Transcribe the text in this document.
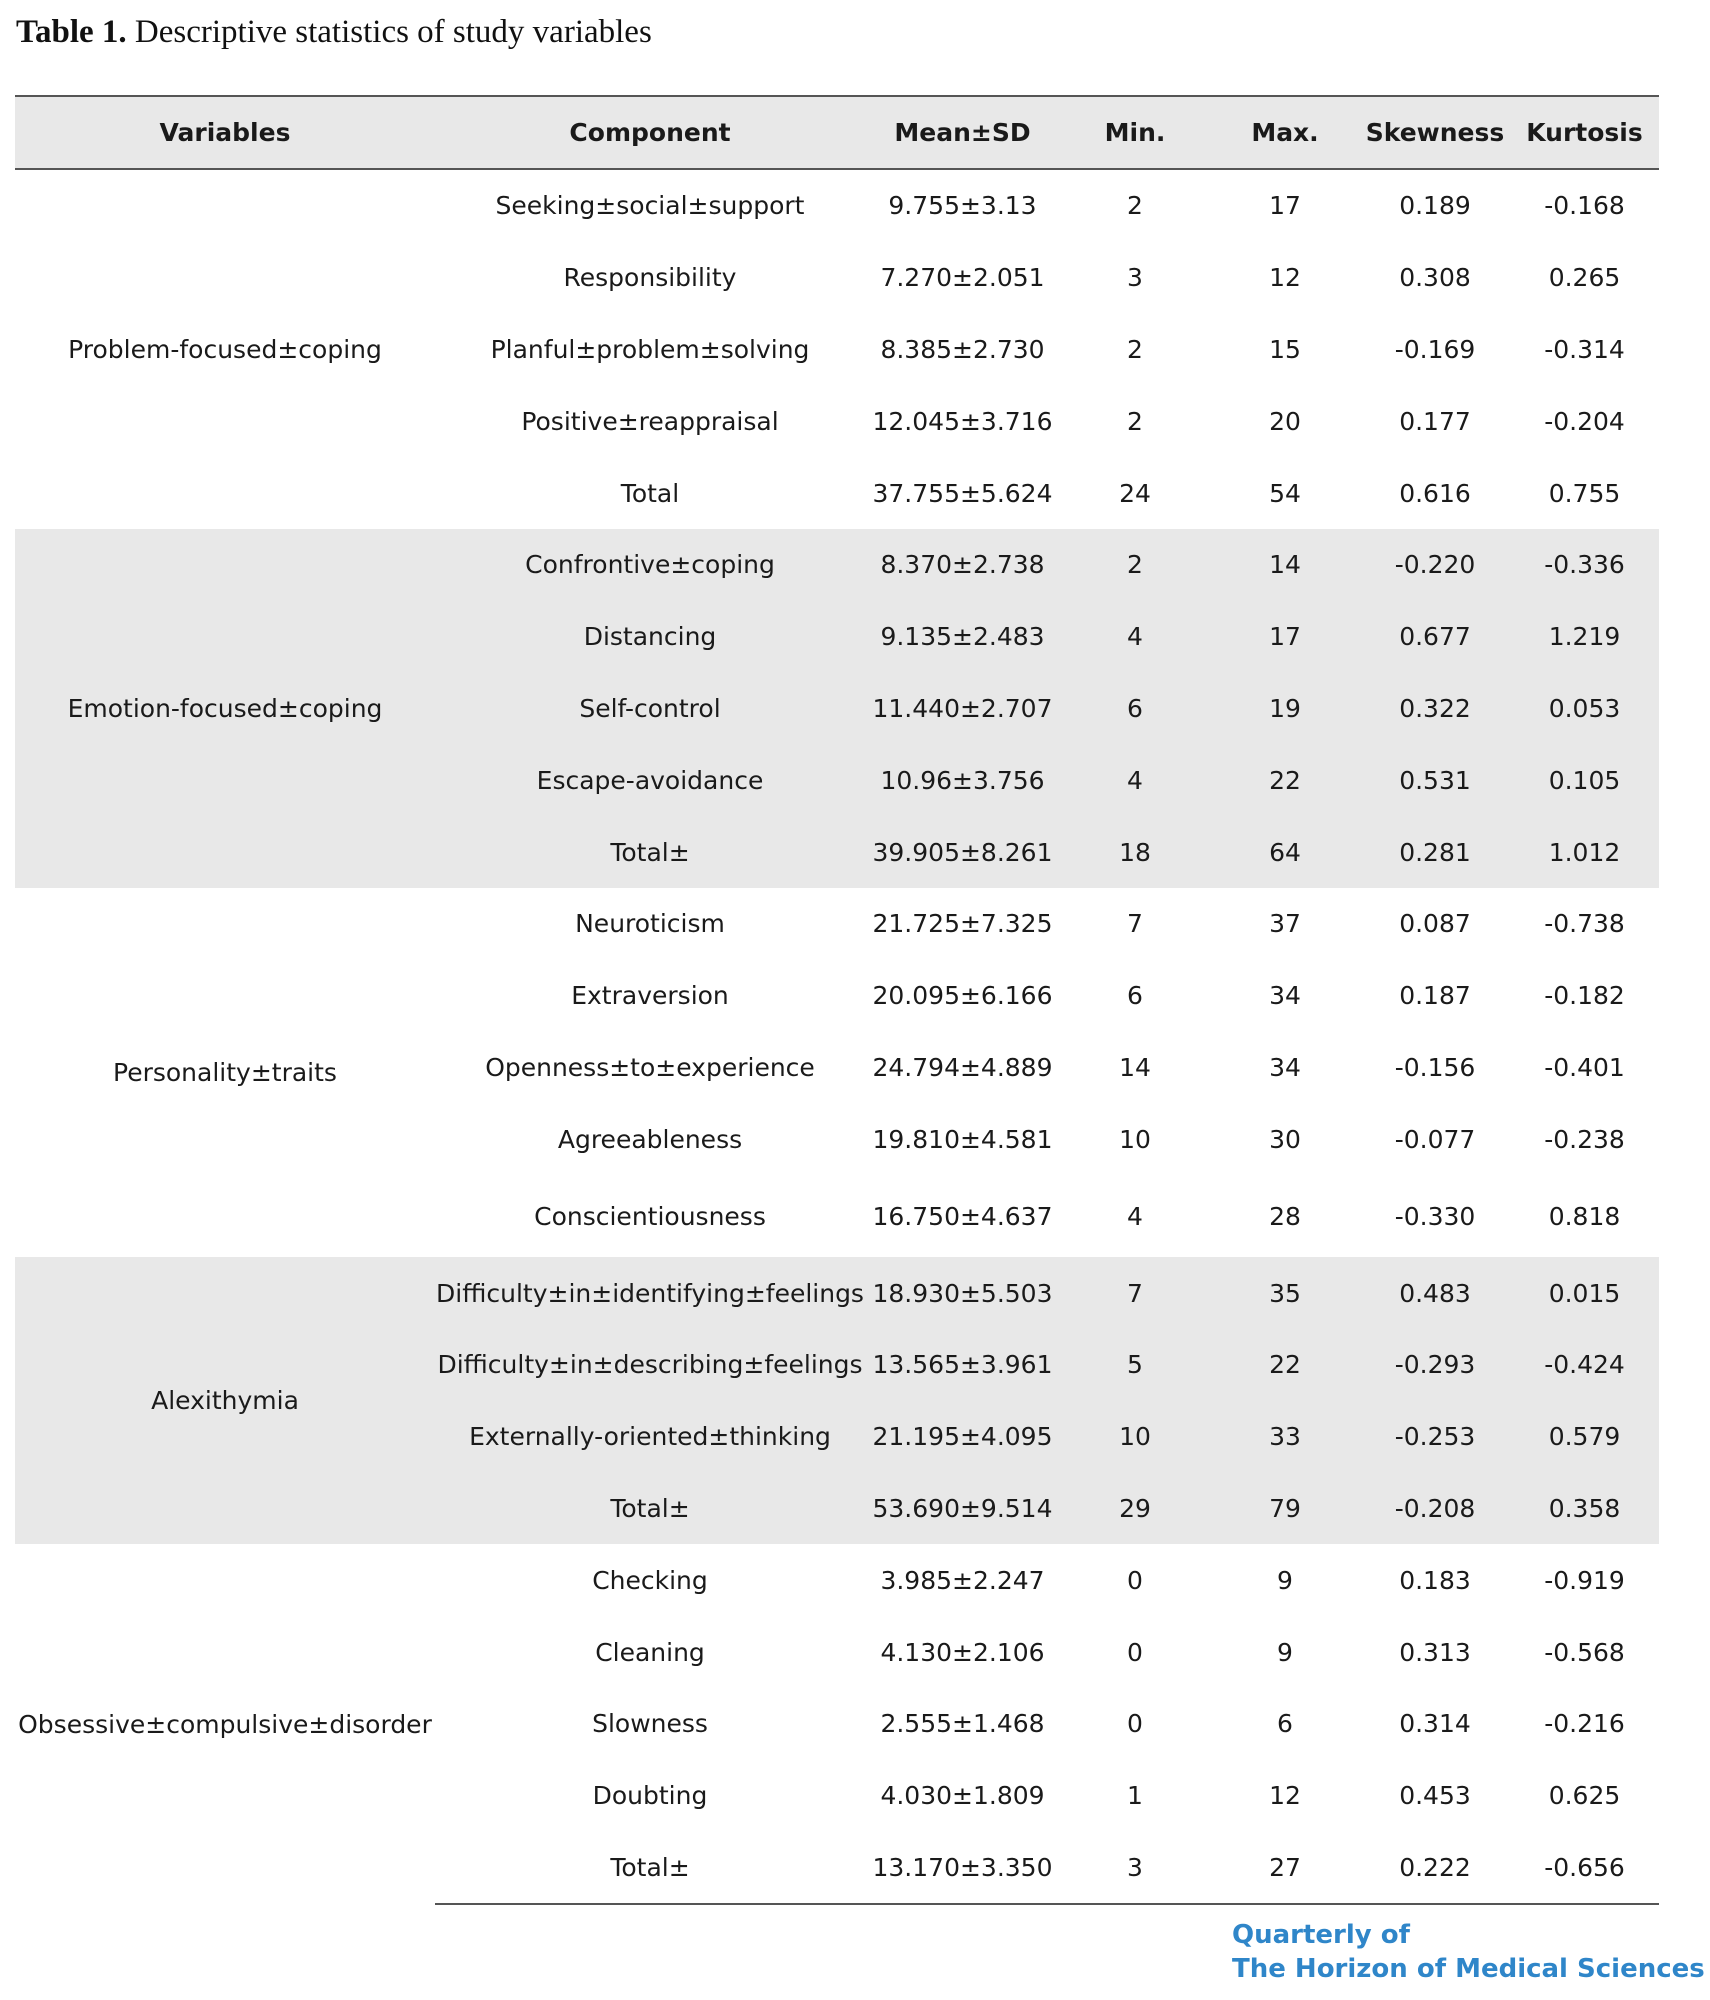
Table 1. Descriptive statistics of study variables
Variables	Component	Mean±SD	Min.	Max.	Skewness	Kurtosis
Problem-focused±coping	Seeking±social±support	9.755±3.13	2	17	0.189	-0.168
	Responsibility	7.270±2.051	3	12	0.308	0.265
	Planful±problem±solving	8.385±2.730	2	15	-0.169	-0.314
	Positive±reappraisal	12.045±3.716	2	20	0.177	-0.204
	Total	37.755±5.624	24	54	0.616	0.755
Emotion-focused±coping	Confrontive±coping	8.370±2.738	2	14	-0.220	-0.336
	Distancing	9.135±2.483	4	17	0.677	1.219
	Self-control	11.440±2.707	6	19	0.322	0.053
	Escape-avoidance	10.96±3.756	4	22	0.531	0.105
	Total±	39.905±8.261	18	64	0.281	1.012
Personality±traits	Neuroticism	21.725±7.325	7	37	0.087	-0.738
	Extraversion	20.095±6.166	6	34	0.187	-0.182
	Openness±to±experience	24.794±4.889	14	34	-0.156	-0.401
	Agreeableness	19.810±4.581	10	30	-0.077	-0.238
	Conscientiousness	16.750±4.637	4	28	-0.330	0.818
Alexithymia	Difficulty±in±identifying±feelings	18.930±5.503	7	35	0.483	0.015
	Difficulty±in±describing±feelings	13.565±3.961	5	22	-0.293	-0.424
	Externally-oriented±thinking	21.195±4.095	10	33	-0.253	0.579
	Total±	53.690±9.514	29	79	-0.208	0.358
Obsessive±compulsive±disorder	Checking	3.985±2.247	0	9	0.183	-0.919
	Cleaning	4.130±2.106	0	9	0.313	-0.568
	Slowness	2.555±1.468	0	6	0.314	-0.216
	Doubting	4.030±1.809	1	12	0.453	0.625
	Total±	13.170±3.350	3	27	0.222	-0.656
Quarterly of
The Horizon of Medical Sciences
